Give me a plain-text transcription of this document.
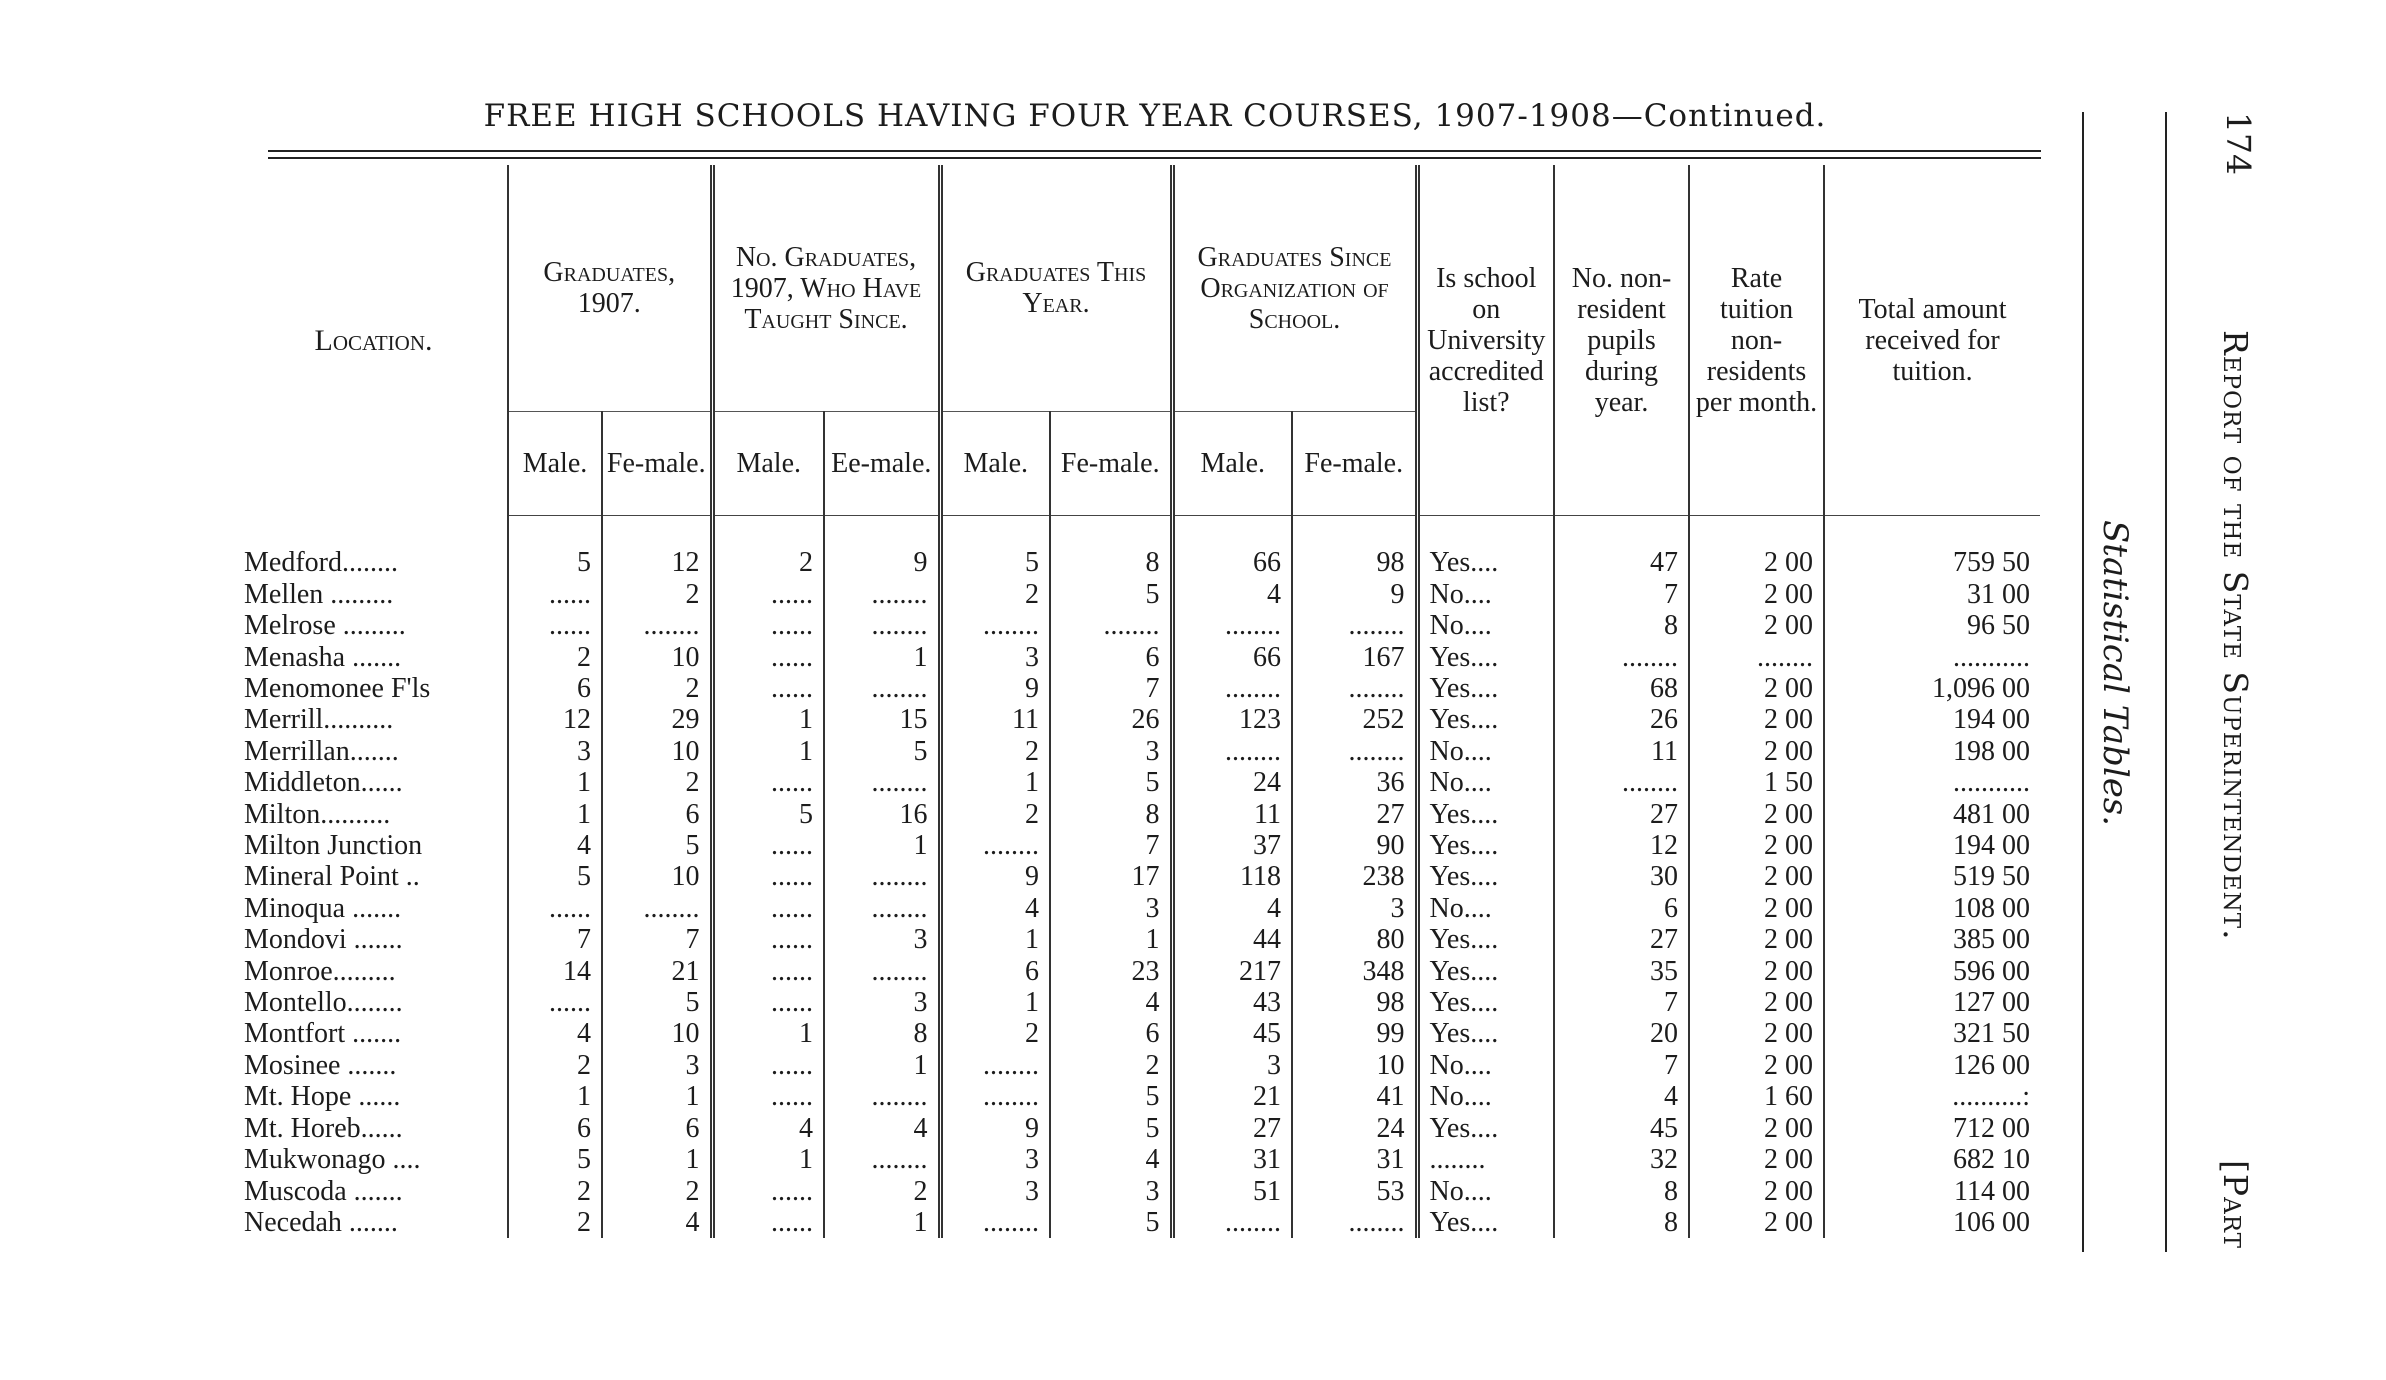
FREE HIGH SCHOOLS HAVING FOUR YEAR COURSES, 1907-1908—Continued.
Location.	Graduates, 1907.		No. Graduates, 1907, Who Have Taught Since.		Graduates This Year.		Graduates Since Organization of School.		Is school on University accredited list?	No. non-resident pupils during year.	Rate tuition non-residents per month.	Total amount received for tuition.
	Male.	Fe-male.	Male.	Ee-male.	Male.	Fe-male.	Male.	Fe-male.				

Medford........	5	12	2	9	5	8	66	98	Yes....	47	2 00	759 50
Mellen .........	......	2	......	........	2	5	4	9	No....	7	2 00	31 00
Melrose .........	......	........	......	........	........	........	........	........	No....	8	2 00	96 50
Menasha .......	2	10	......	1	3	6	66	167	Yes....	........	........	...........
Menomonee F'ls	6	2	......	........	9	7	........	........	Yes....	68	2 00	1,096 00
Merrill..........	12	29	1	15	11	26	123	252	Yes....	26	2 00	194 00
Merrillan.......	3	10	1	5	2	3	........	........	No....	11	2 00	198 00
Middleton......	1	2	......	........	1	5	24	36	No....	........	1 50	...........
Milton..........	1	6	5	16	2	8	11	27	Yes....	27	2 00	481 00
Milton Junction	4	5	......	1	........	7	37	90	Yes....	12	2 00	194 00
Mineral Point ..	5	10	......	........	9	17	118	238	Yes....	30	2 00	519 50
Minoqua .......	......	........	......	........	4	3	4	3	No....	6	2 00	108 00
Mondovi .......	7	7	......	3	1	1	44	80	Yes....	27	2 00	385 00
Monroe.........	14	21	......	........	6	23	217	348	Yes....	35	2 00	596 00
Montello........	......	5	......	3	1	4	43	98	Yes....	7	2 00	127 00
Montfort .......	4	10	1	8	2	6	45	99	Yes....	20	2 00	321 50
Mosinee .......	2	3	......	1	........	2	3	10	No....	7	2 00	126 00
Mt. Hope ......	1	1	......	........	........	5	21	41	No....	4	1 60	..........:
Mt. Horeb......	6	6	4	4	9	5	27	24	Yes....	45	2 00	712 00
Mukwonago ....	5	1	1	........	3	4	31	31	........	32	2 00	682 10
Muscoda .......	2	2	......	2	3	3	51	53	No....	8	2 00	114 00
Necedah .......	2	4	......	1	........	5	........	........	Yes....	8	2 00	106 00
174
Report of the State Superintendent.
[Part
Statistical Tables.
